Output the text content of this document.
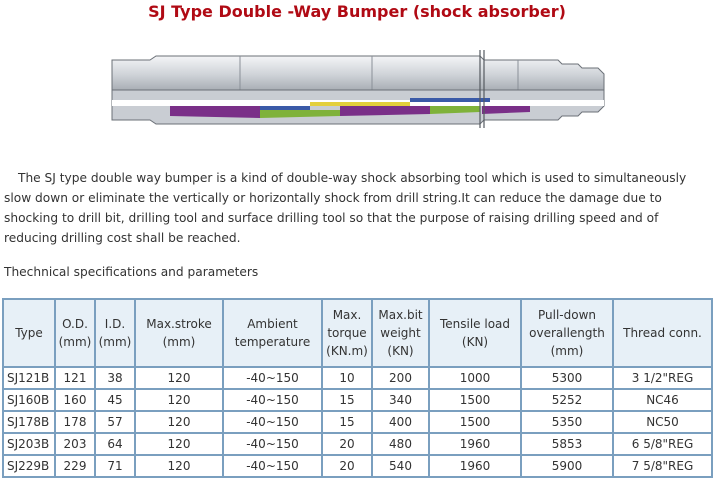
SJ Type Double -Way Bumper (shock absorber)

The SJ type double way bumper is a kind of double-way shock absorbing tool which is used to simultaneously slow down or eliminate the vertically or horizontally shock from drill string.It can reduce the damage due to shocking to drill bit, drilling tool and surface drilling tool so that the purpose of raising drilling speed and of reducing drilling cost shall be reached.

Thechnical specifications and parameters

Type	O.D. (mm)	I.D. (mm)	Max.stroke (mm)	Ambient temperature	Max. torque (KN.m)	Max.bit weight (KN)	Tensile load (KN)	Pull-down overallength (mm)	Thread conn.
SJ121B	121	38	120	-40~150	10	200	1000	5300	3 1/2"REG
SJ160B	160	45	120	-40~150	15	340	1500	5252	NC46
SJ178B	178	57	120	-40~150	15	400	1500	5350	NC50
SJ203B	203	64	120	-40~150	20	480	1960	5853	6 5/8"REG
SJ229B	229	71	120	-40~150	20	540	1960	5900	7 5/8"REG
